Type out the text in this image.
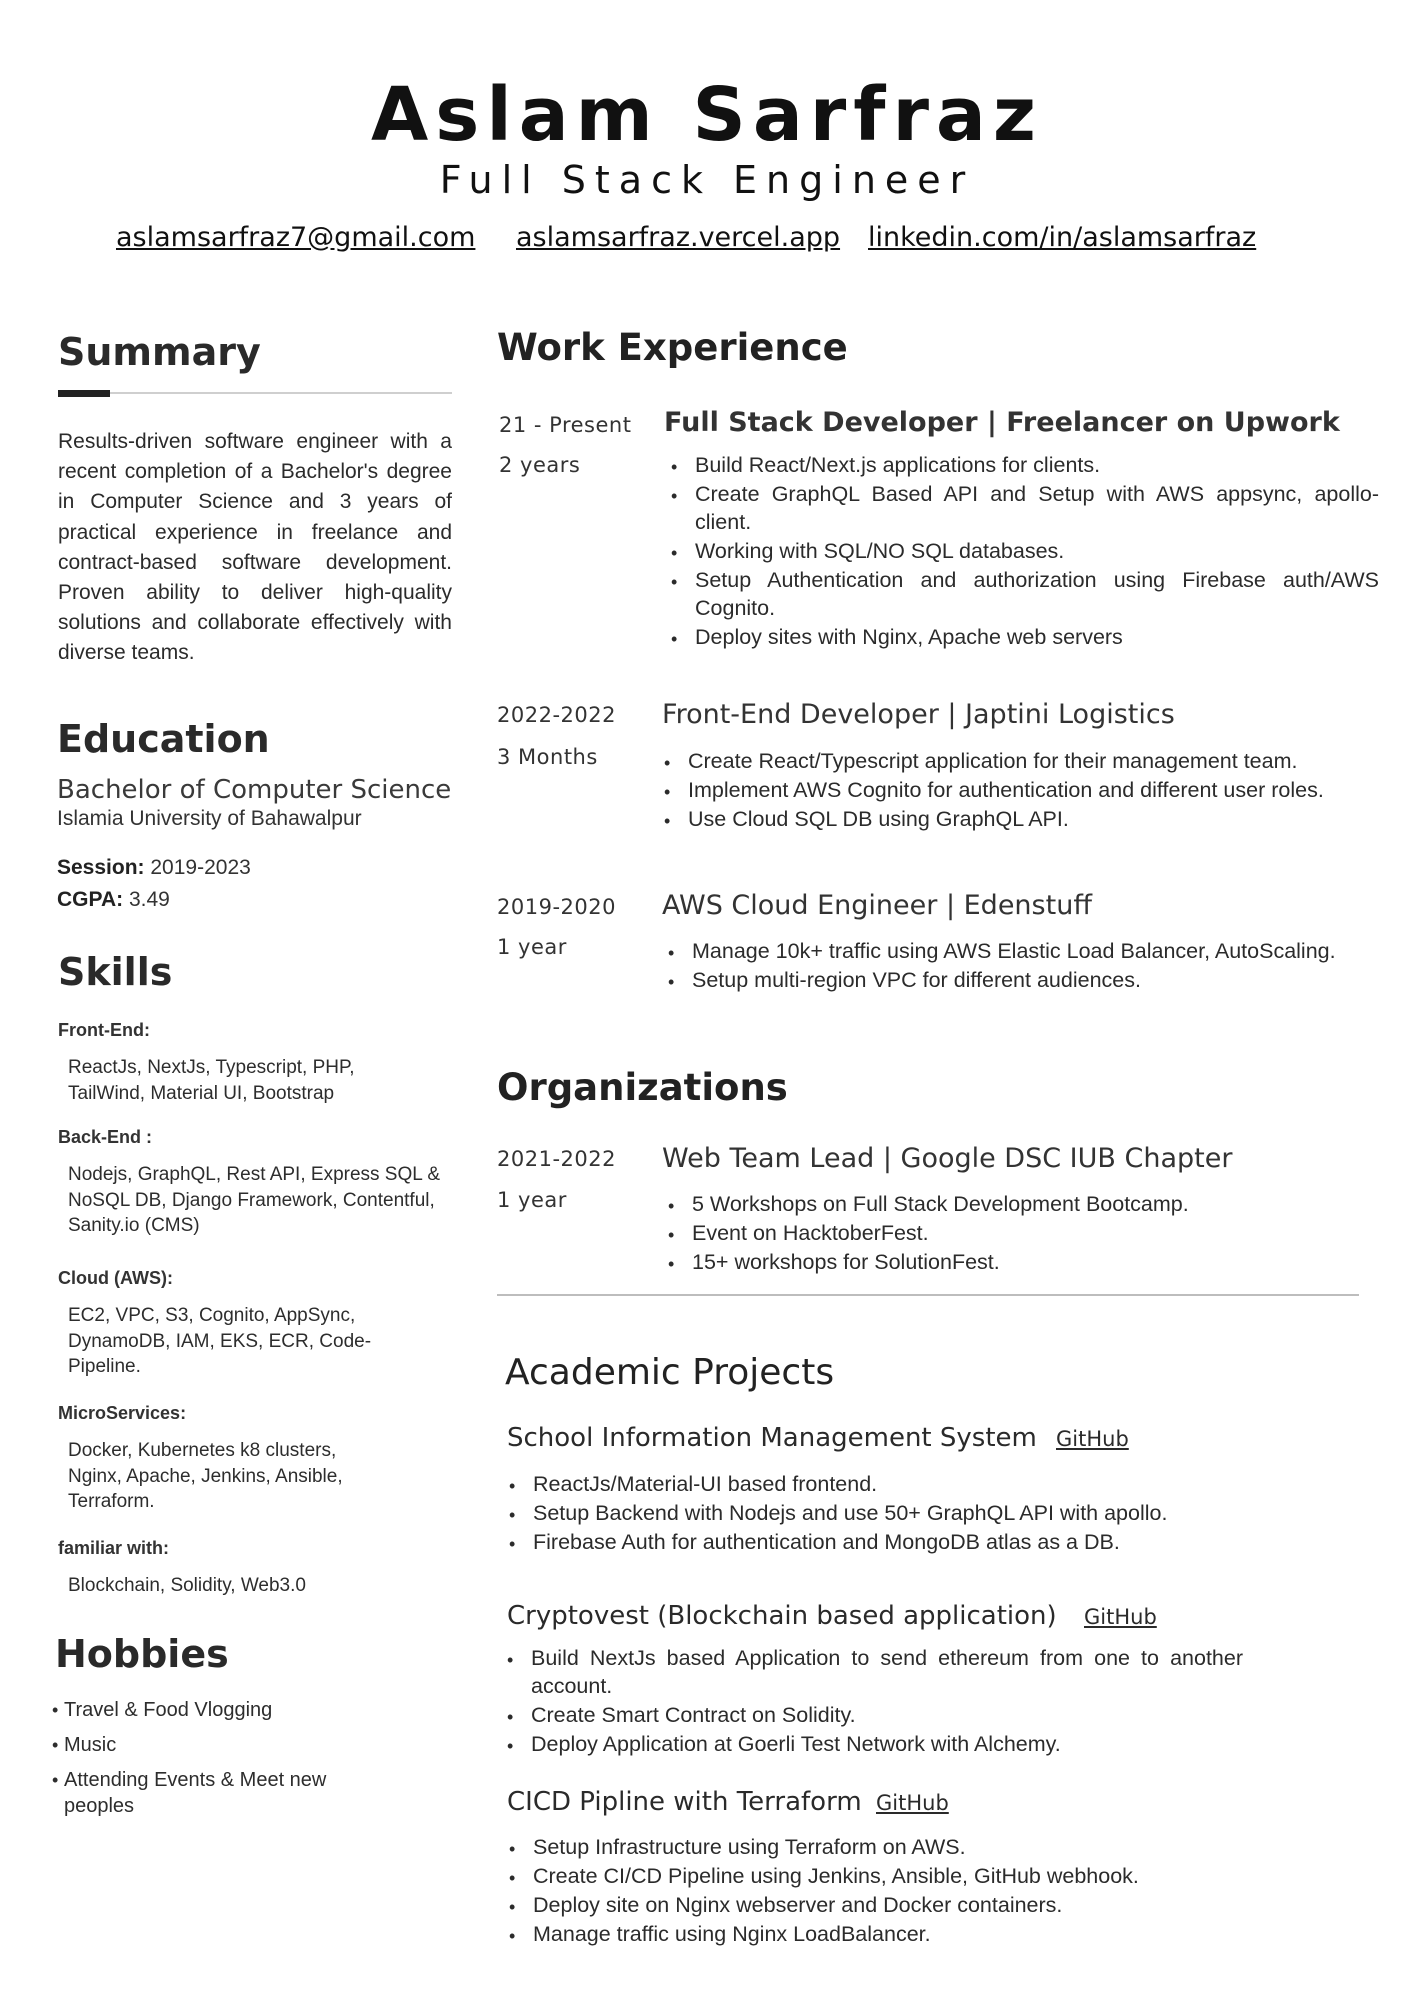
Aslam Sarfraz
Full Stack Engineer
aslamsarfraz7@gmail.com aslamsarfraz.vercel.app linkedin.com/in/aslamsarfraz
Summary
Results-driven software engineer with a recent completion of a Bachelor's degree in Computer Science and 3 years of practical experience in freelance and contract-based software development. Proven ability to deliver high-quality solutions and collaborate effectively with diverse teams.
Education
Bachelor of Computer Science
Islamia University of Bahawalpur
Session: 2019-2023
CGPA: 3.49
Skills
Front-End:
ReactJs, NextJs, Typescript, PHP, TailWind, Material UI, Bootstrap
Back-End :
Nodejs, GraphQL, Rest API, Express SQL & NoSQL DB, Django Framework, Contentful, Sanity.io (CMS)
Cloud (AWS):
EC2, VPC, S3, Cognito, AppSync, DynamoDB, IAM, EKS, ECR, Code-Pipeline.
MicroServices:
Docker, Kubernetes k8 clusters, Nginx, Apache, Jenkins, Ansible, Terraform.
familiar with:
Blockchain, Solidity, Web3.0
Hobbies
• Travel & Food Vlogging
• Music
• Attending Events & Meet new peoples
Work Experience
21 - Present
2 years
Full Stack Developer | Freelancer on Upwork
• Build React/Next.js applications for clients.
• Create GraphQL Based API and Setup with AWS appsync, apollo-client.
• Working with SQL/NO SQL databases.
• Setup Authentication and authorization using Firebase auth/AWS Cognito.
• Deploy sites with Nginx, Apache web servers
2022-2022
3 Months
Front-End Developer | Japtini Logistics
• Create React/Typescript application for their management team.
• Implement AWS Cognito for authentication and different user roles.
• Use Cloud SQL DB using GraphQL API.
2019-2020
1 year
AWS Cloud Engineer | Edenstuff
• Manage 10k+ traffic using AWS Elastic Load Balancer, AutoScaling.
• Setup multi-region VPC for different audiences.
Organizations
2021-2022
1 year
Web Team Lead | Google DSC IUB Chapter
• 5 Workshops on Full Stack Development Bootcamp.
• Event on HacktoberFest.
• 15+ workshops for SolutionFest.
Academic Projects
School Information Management System GitHub
• ReactJs/Material-UI based frontend.
• Setup Backend with Nodejs and use 50+ GraphQL API with apollo.
• Firebase Auth for authentication and MongoDB atlas as a DB.
Cryptovest (Blockchain based application) GitHub
• Build NextJs based Application to send ethereum from one to another account.
• Create Smart Contract on Solidity.
• Deploy Application at Goerli Test Network with Alchemy.
CICD Pipline with Terraform GitHub
• Setup Infrastructure using Terraform on AWS.
• Create CI/CD Pipeline using Jenkins, Ansible, GitHub webhook.
• Deploy site on Nginx webserver and Docker containers.
• Manage traffic using Nginx LoadBalancer.
